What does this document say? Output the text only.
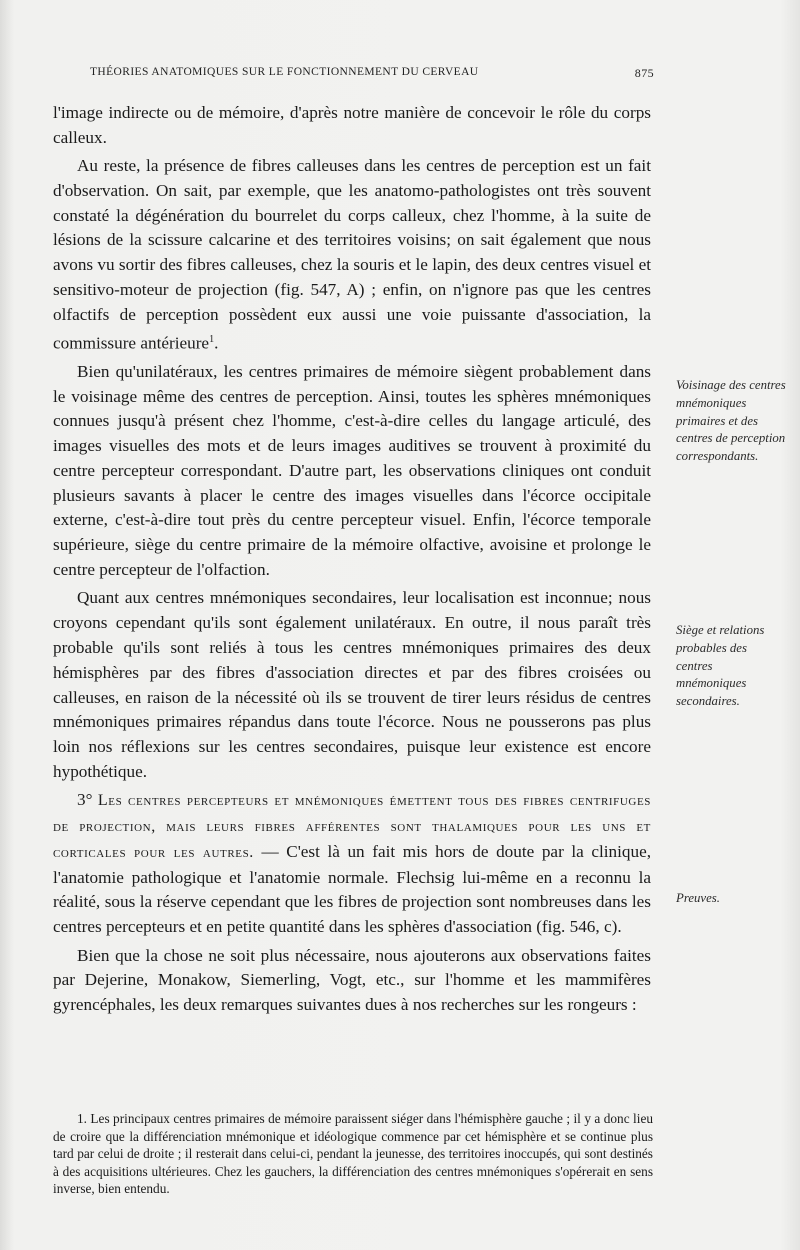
THÉORIES ANATOMIQUES SUR LE FONCTIONNEMENT DU CERVEAU	875

l'image indirecte ou de mémoire, d'après notre manière de concevoir le rôle du corps calleux.

Au reste, la présence de fibres calleuses dans les centres de perception est un fait d'observation. On sait, par exemple, que les anatomo-pathologistes ont très souvent constaté la dégénération du bourrelet du corps calleux, chez l'homme, à la suite de lésions de la scissure calcarine et des territoires voisins; on sait également que nous avons vu sortir des fibres calleuses, chez la souris et le lapin, des deux centres visuel et sensitivo-moteur de projection (fig. 547, A) ; enfin, on n'ignore pas que les centres olfactifs de perception possèdent eux aussi une voie puissante d'association, la commissure antérieure$^1$.

Bien qu'unilatéraux, les centres primaires de mémoire siègent probablement dans le voisinage même des centres de perception. Ainsi, toutes les sphères mnémoniques connues jusqu'à présent chez l'homme, c'est-à-dire celles du langage articulé, des images visuelles des mots et de leurs images auditives se trouvent à proximité du centre percepteur correspondant. D'autre part, les observations cliniques ont conduit plusieurs savants à placer le centre des images visuelles dans l'écorce occipitale externe, c'est-à-dire tout près du centre percepteur visuel. Enfin, l'écorce temporale supérieure, siège du centre primaire de la mémoire olfactive, avoisine et prolonge le centre percepteur de l'olfaction.

Quant aux centres mnémoniques secondaires, leur localisation est inconnue; nous croyons cependant qu'ils sont également unilatéraux. En outre, il nous paraît très probable qu'ils sont reliés à tous les centres mnémoniques primaires des deux hémisphères par des fibres d'association directes et par des fibres croisées ou calleuses, en raison de la nécessité où ils se trouvent de tirer leurs résidus de centres mnémoniques primaires répandus dans toute l'écorce. Nous ne pousserons pas plus loin nos réflexions sur les centres secondaires, puisque leur existence est encore hypothétique.

3° Les centres percepteurs et mnémoniques émettent tous des fibres centrifuges de projection, mais leurs fibres afférentes sont thalamiques pour les uns et corticales pour les autres. — C'est là un fait mis hors de doute par la clinique, l'anatomie pathologique et l'anatomie normale. Flechsig lui-même en a reconnu la réalité, sous la réserve cependant que les fibres de projection sont nombreuses dans les centres percepteurs et en petite quantité dans les sphères d'association (fig. 546, c).

Bien que la chose ne soit plus nécessaire, nous ajouterons aux observations faites par Dejerine, Monakow, Siemerling, Vogt, etc., sur l'homme et les mammifères gyrencéphales, les deux remarques suivantes dues à nos recherches sur les rongeurs :

Voisinage des centres mnémoniques primaires et des centres de perception correspondants.
Siège et relations probables des centres mnémoniques secondaires.
Preuves.

1. Les principaux centres primaires de mémoire paraissent siéger dans l'hémisphère gauche ; il y a donc lieu de croire que la différenciation mnémonique et idéologique commence par cet hémisphère et se continue plus tard par celui de droite ; il resterait dans celui-ci, pendant la jeunesse, des territoires inoccupés, qui sont destinés à des acquisitions ultérieures. Chez les gauchers, la différenciation des centres mnémoniques s'opérerait en sens inverse, bien entendu.
